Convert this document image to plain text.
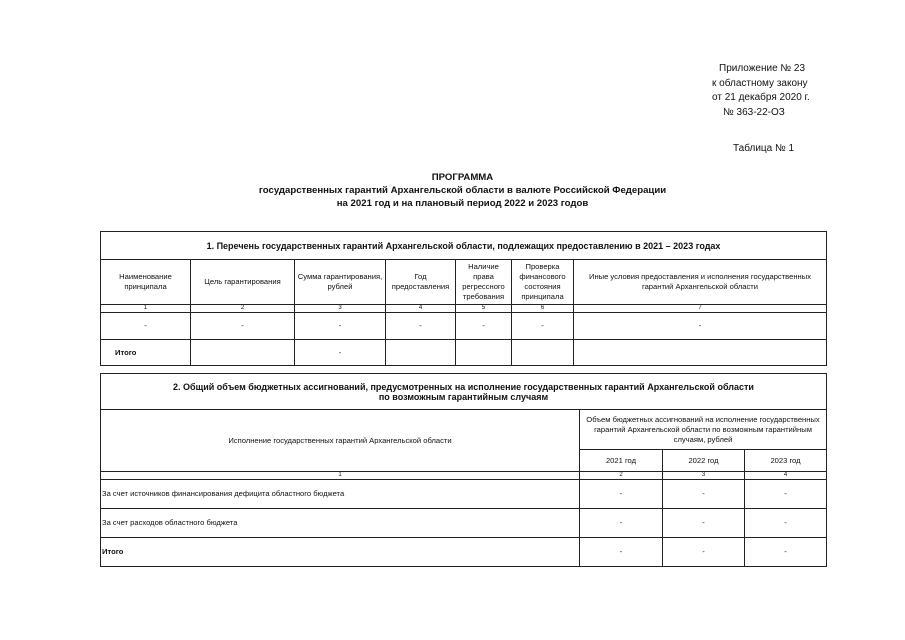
Приложение № 23
к областному закону
от 21 декабря 2020 г.
№ 363-22-ОЗ
Таблица № 1
ПРОГРАММА
государственных гарантий Архангельской области в валюте Российской Федерации
на 2021 год и на плановый период 2022 и 2023 годов
1. Перечень государственных гарантий Архангельской области, подлежащих предоставлению в 2021 – 2023 годах						
Наименование принципала	Цель гарантирования	Сумма гарантирования, рублей	Год предоставления	Наличие права регрессного требования	Проверка финансового состояния принципала	Иные условия предоставления и исполнения государственных гарантий Архангельской области
1	2	3	4	5	6	7
-	-	-	-	-	-	-
Итого		-				
2. Общий объем бюджетных ассигнований, предусмотренных на исполнение государственных гарантий Архангельской области
по возможным гарантийным случаям			

Исполнение государственных гарантий Архангельской области	Объем бюджетных ассигнований на исполнение государственных гарантий Архангельской области по возможным гарантийным случаям, рублей		
	2021 год	2022 год	2023 год
1	2	3	4
За счет источников финансирования дефицита областного бюджета	-	-	-
За счет расходов областного бюджета	-	-	-
Итого	-	-	-
